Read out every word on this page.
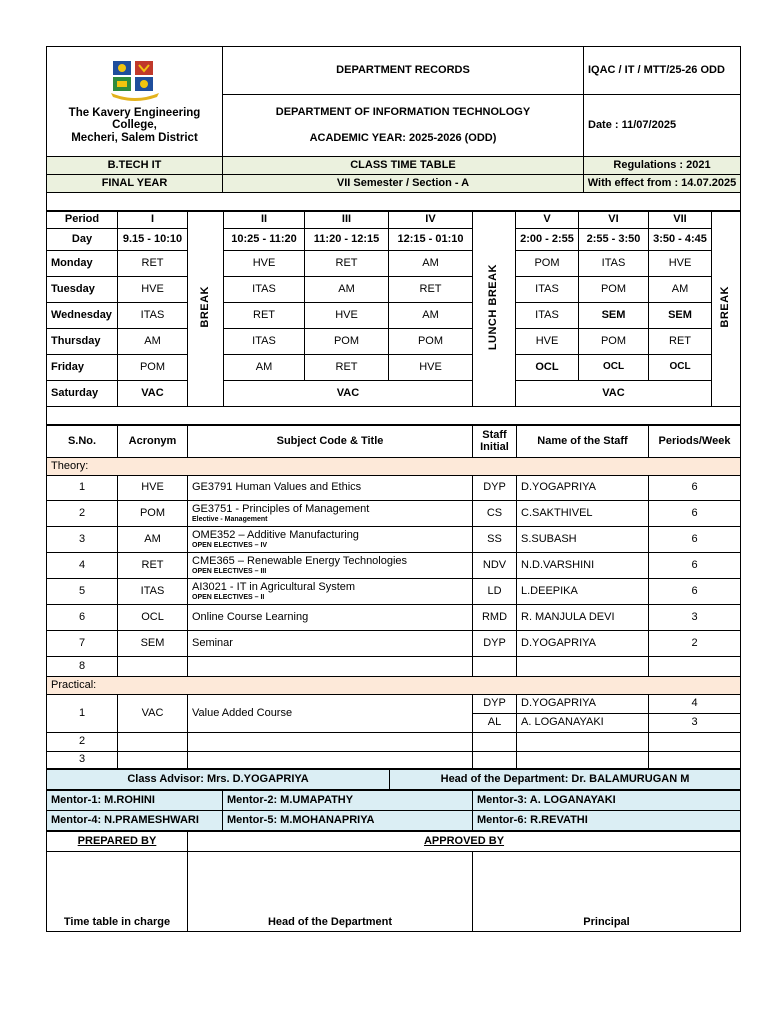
The Kavery Engineering College,
Mecheri, Salem District	DEPARTMENT RECORDS	IQAC / IT / MTT/25-26 ODD

	DEPARTMENT OF INFORMATION TECHNOLOGY
ACADEMIC YEAR: 2025-2026 (ODD)	Date : 11/07/2025
B.TECH IT	CLASS TIME TABLE	Regulations : 2021
FINAL YEAR	VII Semester / Section - A	With effect from : 14.07.2025

Period	I	BREAK	II	III	IV	LUNCH BREAK	V	VI	VII	BREAK
Day	9.15 - 10:10		10:25 - 11:20	11:20 - 12:15	12:15 - 01:10		2:00 - 2:55	2:55 - 3:50	3:50 - 4:45	
Monday	RET		HVE	RET	AM		POM	ITAS	HVE	
Tuesday	HVE		ITAS	AM	RET		ITAS	POM	AM	
Wednesday	ITAS		RET	HVE	AM		ITAS	SEM	SEM	
Thursday	AM		ITAS	POM	POM		HVE	POM	RET	
Friday	POM		AM	RET	HVE		OCL	OCL	OCL	
Saturday	VAC		VAC				VAC			

S.No.	Acronym	Subject Code & Title	Staff Initial	Name of the Staff	Periods/Week
Theory:					
1	HVE	GE3791 Human Values and Ethics	DYP	D.YOGAPRIYA	6
2	POM	GE3751 - Principles of Management
Elective - Management	CS	C.SAKTHIVEL	6
3	AM	OME352 – Additive Manufacturing
OPEN ELECTIVES – IV	SS	S.SUBASH	6
4	RET	CME365 – Renewable Energy Technologies
OPEN ELECTIVES – III	NDV	N.D.VARSHINI	6
5	ITAS	AI3021 - IT in Agricultural System
OPEN ELECTIVES – II	LD	L.DEEPIKA	6
6	OCL	Online Course Learning	RMD	R. MANJULA DEVI	3
7	SEM	Seminar	DYP	D.YOGAPRIYA	2
8					
Practical:					
1	VAC	Value Added Course	DYP	D.YOGAPRIYA	4
			AL	A. LOGANAYAKI	3
2					
3					
Class Advisor: Mrs. D.YOGAPRIYA	Head of the Department: Dr. BALAMURUGAN M
Mentor-1: M.ROHINI	Mentor-2: M.UMAPATHY	Mentor-3: A. LOGANAYAKI
Mentor-4: N.PRAMESHWARI	Mentor-5: M.MOHANAPRIYA	Mentor-6: R.REVATHI
PREPARED BY	APPROVED BY	
Time table in charge	Head of the Department	Principal
